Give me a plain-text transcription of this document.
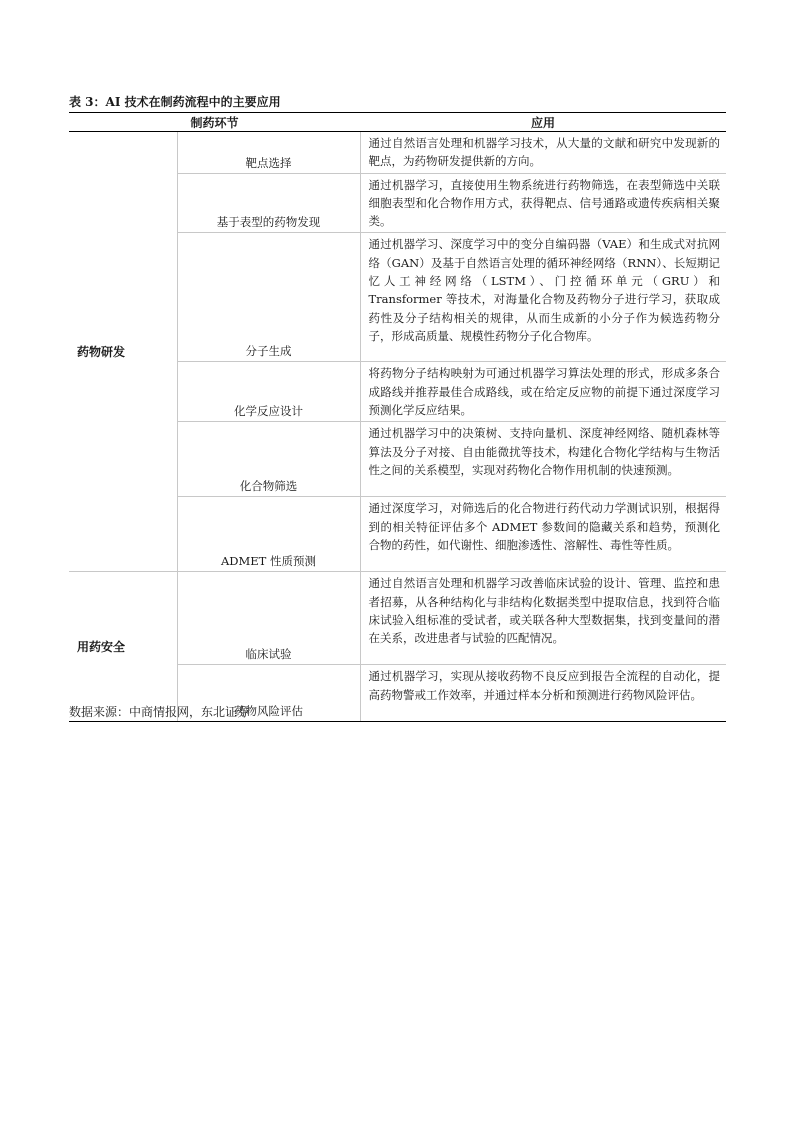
表 3：AI 技术在制药流程中的主要应用
制药环节		应用
药物研发	靶点选择	通过自然语言处理和机器学习技术，从大量的文献和研究中发现新的靶点，为药物研发提供新的方向。
	基于表型的药物发现	通过机器学习，直接使用生物系统进行药物筛选，在表型筛选中关联细胞表型和化合物作用方式，获得靶点、信号通路或遗传疾病相关聚类。
	分子生成	通过机器学习、深度学习中的变分自编码器（VAE）和生成式对抗网络（GAN）及基于自然语言处理的循环神经网络（RNN）、长短期记忆人工神经网络（LSTM）、门控循环单元（GRU）和 Transformer 等技术，对海量化合物及药物分子进行学习，获取成药性及分子结构相关的规律，从而生成新的小分子作为候选药物分子，形成高质量、规模性药物分子化合物库。
	化学反应设计	将药物分子结构映射为可通过机器学习算法处理的形式，形成多条合成路线并推荐最佳合成路线，或在给定反应物的前提下通过深度学习预测化学反应结果。
	化合物筛选	通过机器学习中的决策树、支持向量机、深度神经网络、随机森林等算法及分子对接、自由能微扰等技术，构建化合物化学结构与生物活性之间的关系模型，实现对药物化合物作用机制的快速预测。
	ADMET 性质预测	通过深度学习，对筛选后的化合物进行药代动力学测试识别，根据得到的相关特征评估多个 ADMET 参数间的隐藏关系和趋势，预测化合物的药性，如代谢性、细胞渗透性、溶解性、毒性等性质。
用药安全	临床试验	通过自然语言处理和机器学习改善临床试验的设计、管理、监控和患者招募，从各种结构化与非结构化数据类型中提取信息，找到符合临床试验入组标准的受试者，或关联各种大型数据集，找到变量间的潜在关系，改进患者与试验的匹配情况。
	药物风险评估	通过机器学习，实现从接收药物不良反应到报告全流程的自动化，提高药物警戒工作效率，并通过样本分析和预测进行药物风险评估。
数据来源：中商情报网，东北证券
